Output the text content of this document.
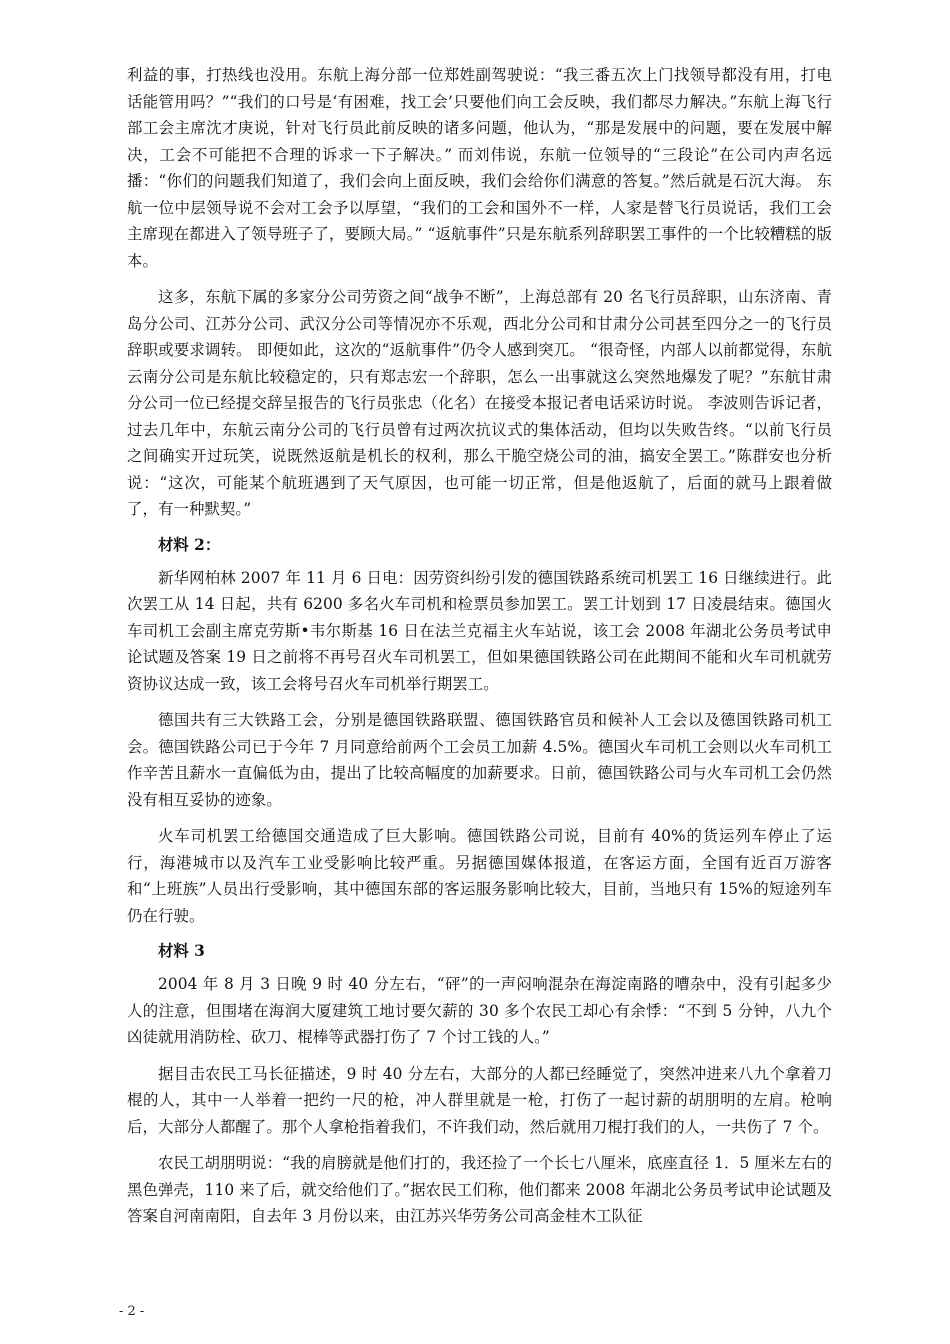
利益的事，打热线也没用。东航上海分部一位郑姓副驾驶说：“我三番五次上门找领导都没有用，打电话能管用吗？”“我们的口号是‘有困难，找工会’只要他们向工会反映，我们都尽力解决。”东航上海飞行部工会主席沈才庚说，针对飞行员此前反映的诸多问题，他认为，“那是发展中的问题，要在发展中解决，工会不可能把不合理的诉求一下子解决。” 而刘伟说，东航一位领导的“三段论”在公司内声名远播：“你们的问题我们知道了，我们会向上面反映，我们会给你们满意的答复。”然后就是石沉大海。 东航一位中层领导说不会对工会予以厚望，“我们的工会和国外不一样，人家是替飞行员说话，我们工会主席现在都进入了领导班子了，要顾大局。” “返航事件”只是东航系列辞职罢工事件的一个比较糟糕的版本。

这多，东航下属的多家分公司劳资之间“战争不断”，上海总部有 20 名飞行员辞职，山东济南、青岛分公司、江苏分公司、武汉分公司等情况亦不乐观，西北分公司和甘肃分公司甚至四分之一的飞行员辞职或要求调转。 即便如此，这次的“返航事件”仍令人感到突兀。 “很奇怪，内部人以前都觉得，东航云南分公司是东航比较稳定的，只有郑志宏一个辞职，怎么一出事就这么突然地爆发了呢？”东航甘肃分公司一位已经提交辞呈报告的飞行员张忠（化名）在接受本报记者电话采访时说。 李波则告诉记者，过去几年中，东航云南分公司的飞行员曾有过两次抗议式的集体活动，但均以失败告终。“以前飞行员之间确实开过玩笑，说既然返航是机长的权利，那么干脆空烧公司的油，搞安全罢工。”陈群安也分析说：“这次，可能某个航班遇到了天气原因，也可能一切正常，但是他返航了，后面的就马上跟着做了，有一种默契。”

材料 2：

新华网柏林 2007 年 11 月 6 日电：因劳资纠纷引发的德国铁路系统司机罢工 16 日继续进行。此次罢工从 14 日起，共有 6200 多名火车司机和检票员参加罢工。罢工计划到 17 日凌晨结束。德国火车司机工会副主席克劳斯•韦尔斯基 16 日在法兰克福主火车站说，该工会 2008 年湖北公务员考试申论试题及答案 19 日之前将不再号召火车司机罢工，但如果德国铁路公司在此期间不能和火车司机就劳资协议达成一致，该工会将号召火车司机举行期罢工。

德国共有三大铁路工会，分别是德国铁路联盟、德国铁路官员和候补人工会以及德国铁路司机工会。德国铁路公司已于今年 7 月同意给前两个工会员工加薪 4.5%。德国火车司机工会则以火车司机工作辛苦且薪水一直偏低为由，提出了比较高幅度的加薪要求。日前，德国铁路公司与火车司机工会仍然没有相互妥协的迹象。

火车司机罢工给德国交通造成了巨大影响。德国铁路公司说，目前有 40%的货运列车停止了运行，海港城市以及汽车工业受影响比较严重。另据德国媒体报道，在客运方面，全国有近百万游客和“上班族”人员出行受影响，其中德国东部的客运服务影响比较大，目前，当地只有 15%的短途列车仍在行驶。

材料 3

2004 年 8 月 3 日晚 9 时 40 分左右，“砰”的一声闷响混杂在海淀南路的嘈杂中，没有引起多少人的注意，但围堵在海润大厦建筑工地讨要欠薪的 30 多个农民工却心有余悸：“不到 5 分钟，八九个凶徒就用消防栓、砍刀、棍棒等武器打伤了 7 个讨工钱的人。”

据目击农民工马长征描述，9 时 40 分左右，大部分的人都已经睡觉了，突然冲进来八九个拿着刀棍的人，其中一人举着一把约一尺的枪，冲人群里就是一枪，打伤了一起讨薪的胡朋明的左肩。枪响后，大部分人都醒了。那个人拿枪指着我们，不许我们动，然后就用刀棍打我们的人，一共伤了 7 个。

农民工胡朋明说：“我的肩膀就是他们打的，我还捡了一个长七八厘米，底座直径 1．5 厘米左右的黑色弹壳，110 来了后，就交给他们了。”据农民工们称，他们都来 2008 年湖北公务员考试申论试题及答案自河南南阳，自去年 3 月份以来，由江苏兴华劳务公司高金桂木工队征

- 2 -
